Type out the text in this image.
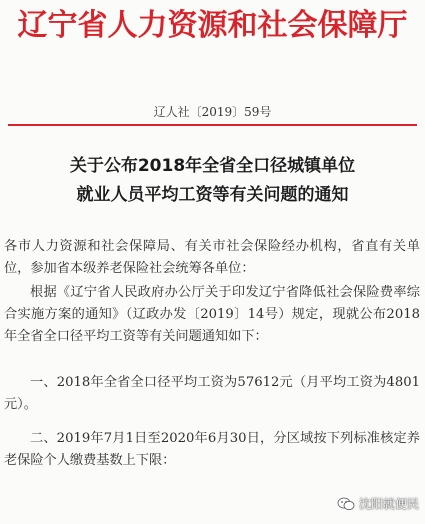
辽宁省人力资源和社会保障厅
辽人社〔2019〕59号
关于公布2018年全省全口径城镇单位
就业人员平均工资等有关问题的通知
各市人力资源和社会保障局、有关市社会保险经办机构，省直有关单位，参加省本级养老保险社会统筹各单位：
根据《辽宁省人民政府办公厅关于印发辽宁省降低社会保险费率综合实施方案的通知》（辽政办发〔2019〕14号）规定，现就公布2018年全省全口径平均工资等有关问题通知如下：
一、2018年全省全口径平均工资为57612元（月平均工资为4801元）。
二、2019年7月1日至2020年6月30日，分区域按下列标准核定养老保险个人缴费基数上下限：
沈阳就便民
